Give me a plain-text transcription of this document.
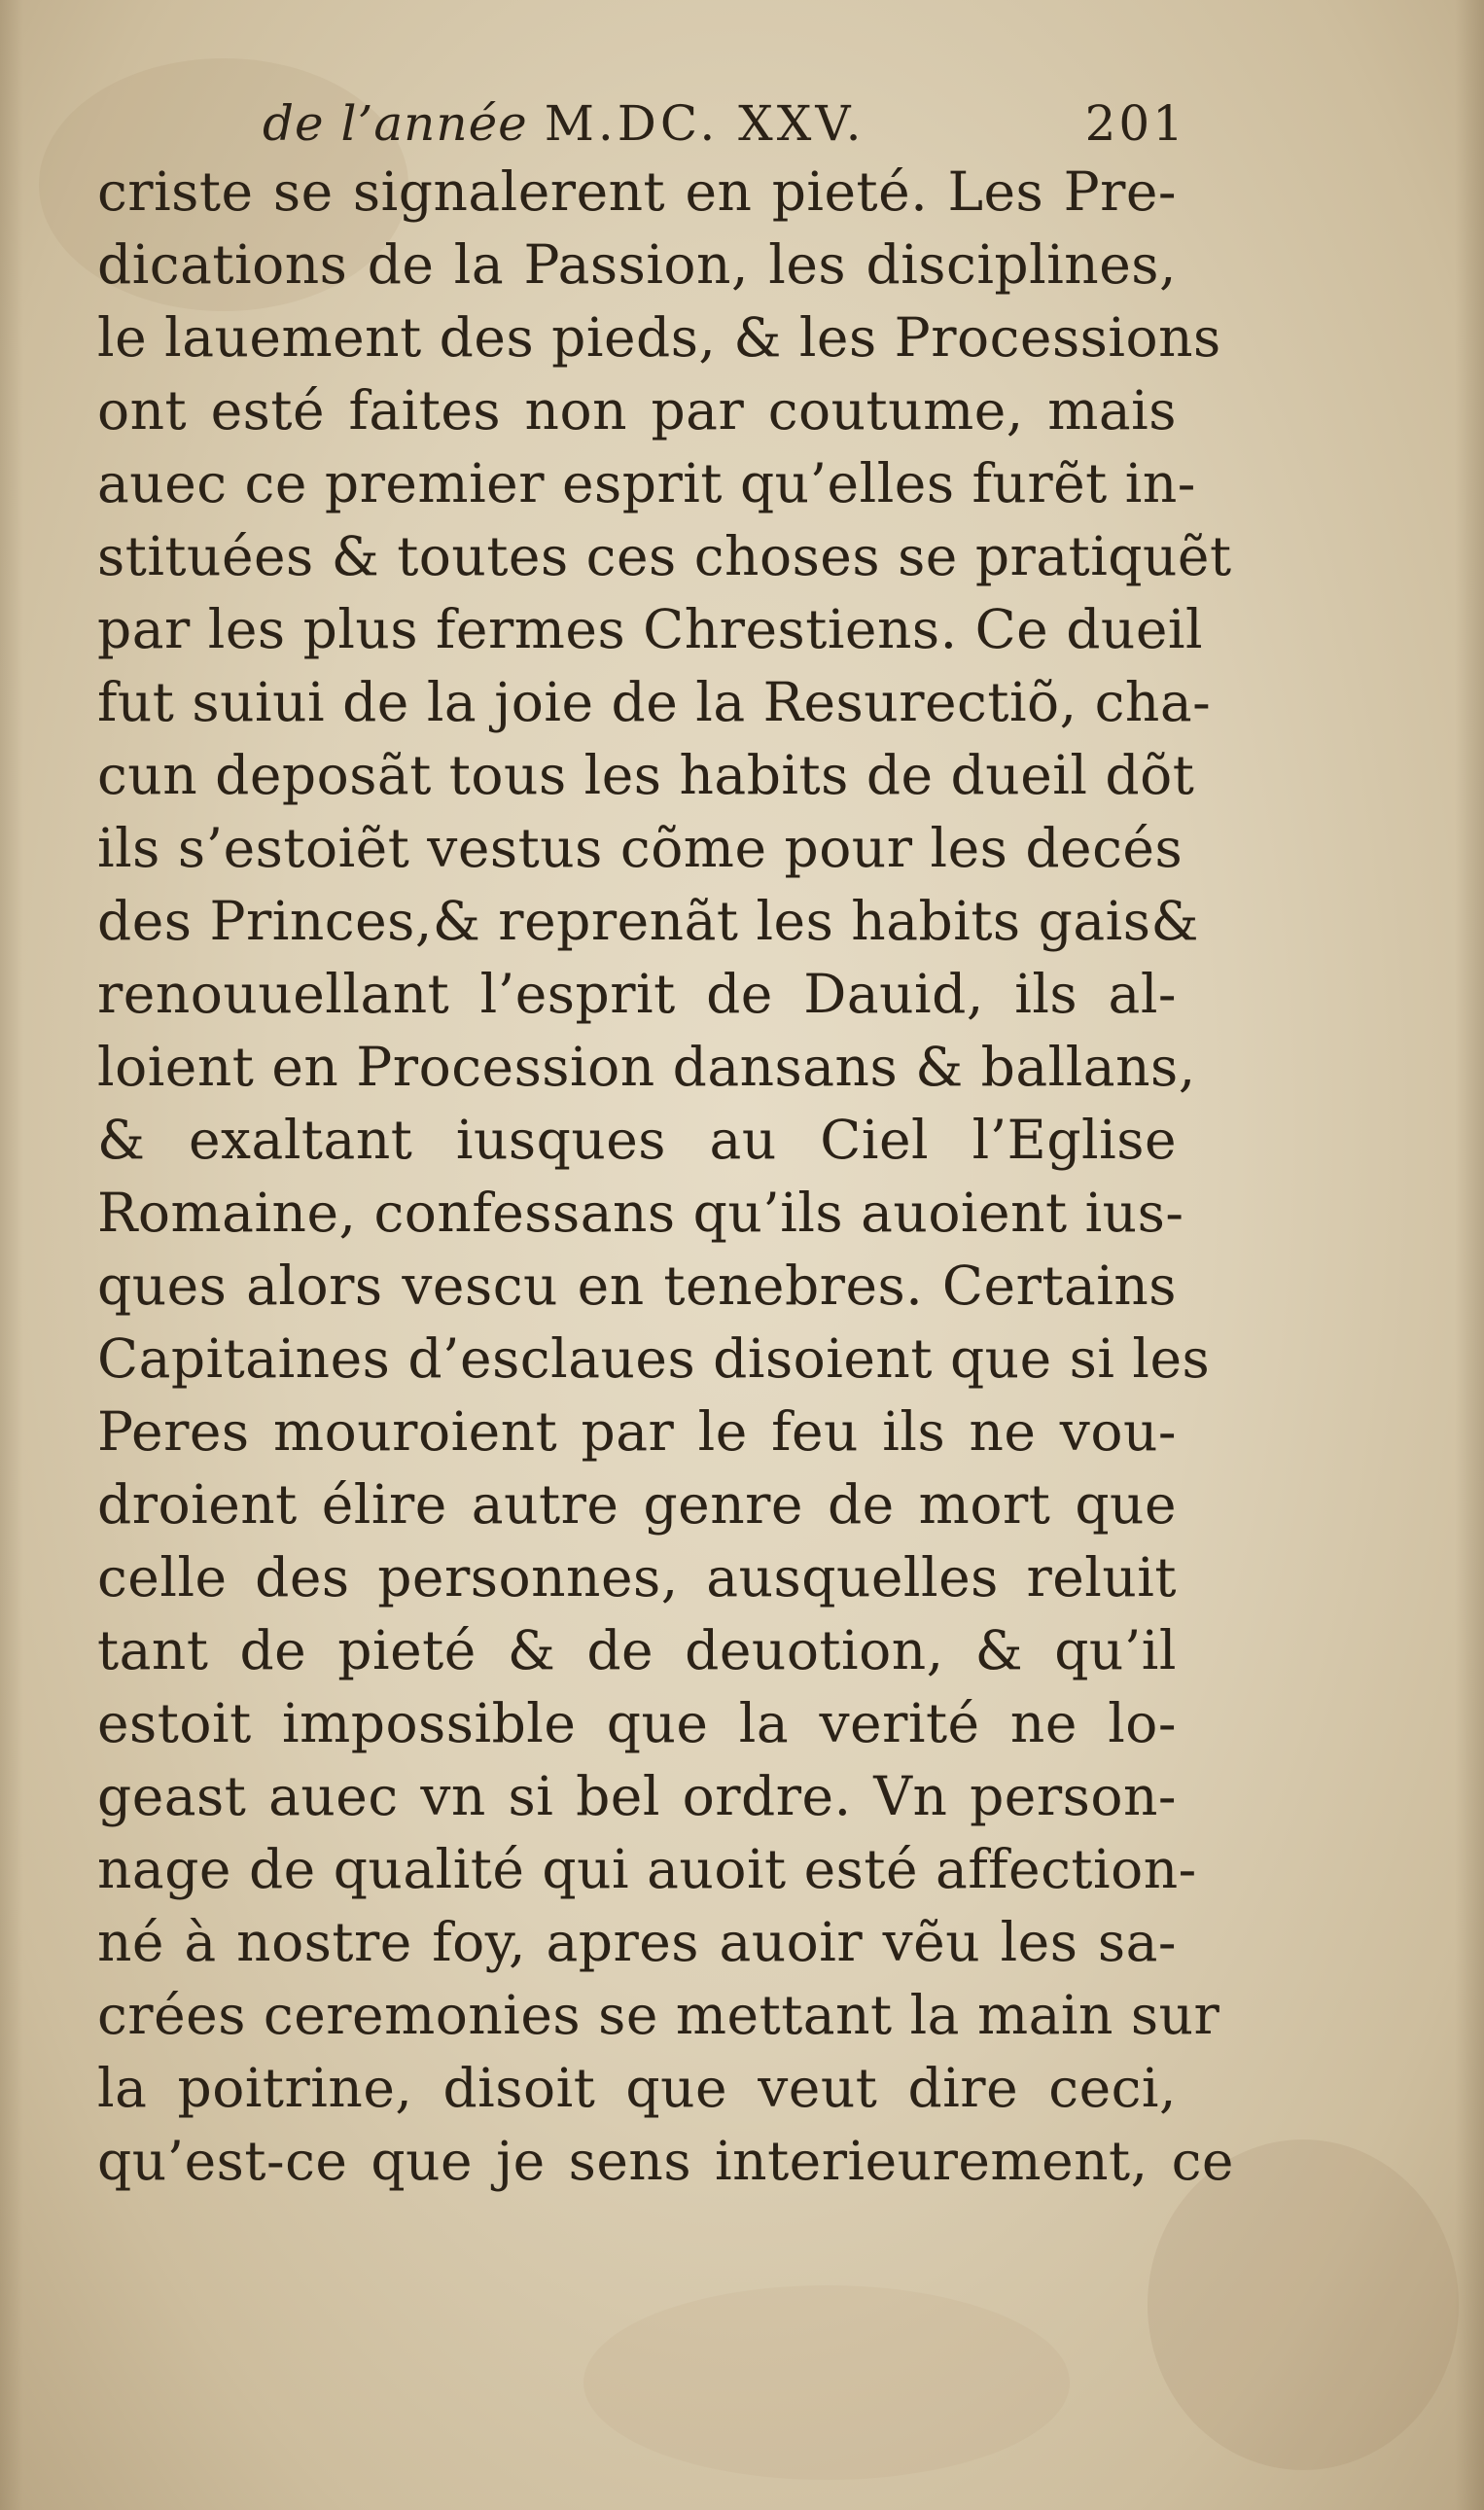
de l’année M.DC. XXV.	201
criste se signalerent en pieté. Les Pre-
dications de la Passion, les disciplines,
le lauement des pieds, & les Processions
ont esté faites non par coutume, mais
auec ce premier esprit qu’elles furẽt in-
stituées & toutes ces choses se pratiquẽt
par les plus fermes Chrestiens. Ce dueil
fut suiui de la joie de la Resurectiõ, cha-
cun deposãt tous les habits de dueil dõt
ils s’estoiẽt vestus cõme pour les decés
des Princes,& reprenãt les habits gais&
renouuellant l’esprit de Dauid, ils al-
loient en Procession dansans & ballans,
& exaltant iusques au Ciel l’Eglise
Romaine, confessans qu’ils auoient ius-
ques alors vescu en tenebres. Certains
Capitaines d’esclaues disoient que si les
Peres mouroient par le feu ils ne vou-
droient élire autre genre de mort que
celle des personnes, ausquelles reluit
tant de pieté & de deuotion, & qu’il
estoit impossible que la verité ne lo-
geast auec vn si bel ordre. Vn person-
nage de qualité qui auoit esté affection-
né à nostre foy, apres auoir vẽu les sa-
crées ceremonies se mettant la main sur
la poitrine, disoit que veut dire ceci,
qu’est-ce que je sens interieurement, ce
